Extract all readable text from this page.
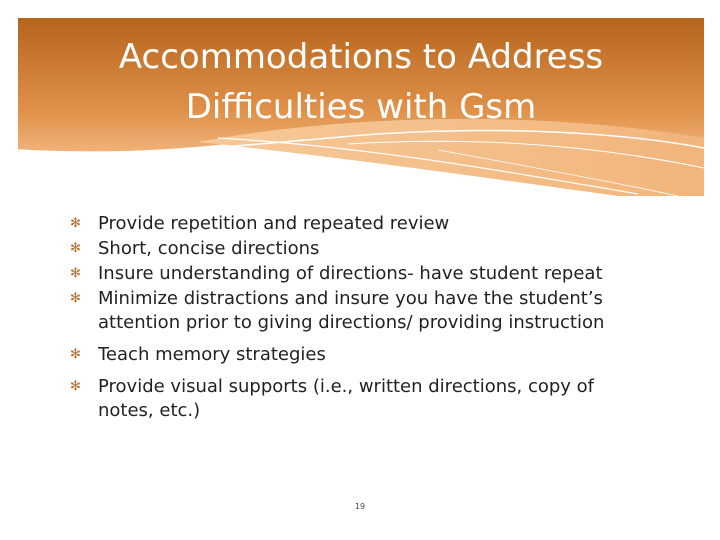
Accommodations to Address
Difficulties with Gsm
✻ Provide repetition and repeated review
✻ Short, concise directions
✻ Insure understanding of directions- have student repeat
✻ Minimize distractions and insure you have the student’s
attention prior to giving directions/ providing instruction
✻ Teach memory strategies
✻ Provide visual supports (i.e., written directions, copy of
notes, etc.)
19
